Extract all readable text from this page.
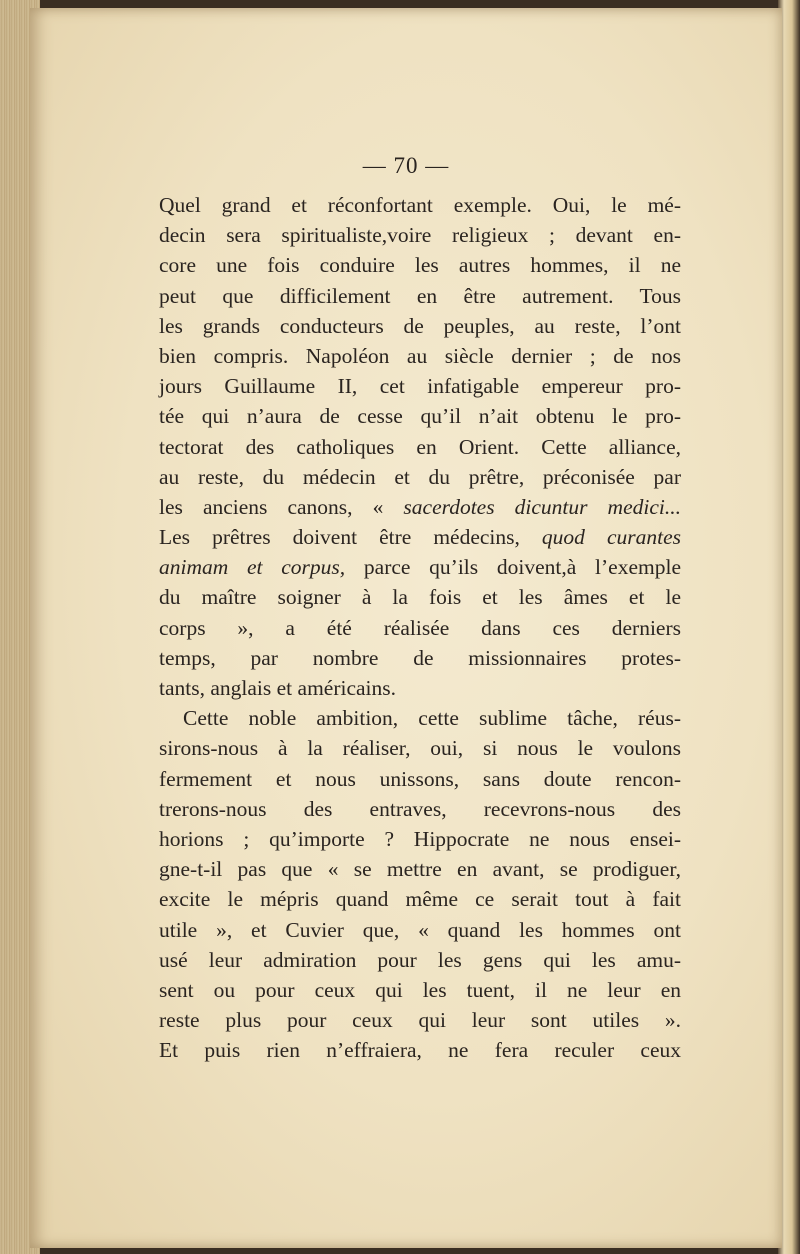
— 70 —
Quel grand et réconfortant exemple. Oui, le mé-
decin sera spiritualiste,voire religieux ; devant en-
core une fois conduire les autres hommes, il ne
peut que difficilement en être autrement. Tous
les grands conducteurs de peuples, au reste, l’ont
bien compris. Napoléon au siècle dernier ; de nos
jours Guillaume II, cet infatigable empereur pro-
tée qui n’aura de cesse qu’il n’ait obtenu le pro-
tectorat des catholiques en Orient. Cette alliance,
au reste, du médecin et du prêtre, préconisée par
les anciens canons, « sacerdotes dicuntur medici...
Les prêtres doivent être médecins, quod curantes
animam et corpus, parce qu’ils doivent,à l’exemple
du maître soigner à la fois et les âmes et le
corps », a été réalisée dans ces derniers
temps, par nombre de missionnaires protes-
tants, anglais et américains.
Cette noble ambition, cette sublime tâche, réus-
sirons-nous à la réaliser, oui, si nous le voulons
fermement et nous unissons, sans doute rencon-
trerons-nous des entraves, recevrons-nous des
horions ; qu’importe ? Hippocrate ne nous ensei-
gne-t-il pas que « se mettre en avant, se prodiguer,
excite le mépris quand même ce serait tout à fait
utile », et Cuvier que, « quand les hommes ont
usé leur admiration pour les gens qui les amu-
sent ou pour ceux qui les tuent, il ne leur en
reste plus pour ceux qui leur sont utiles ».
Et puis rien n’effraiera, ne fera reculer ceux
